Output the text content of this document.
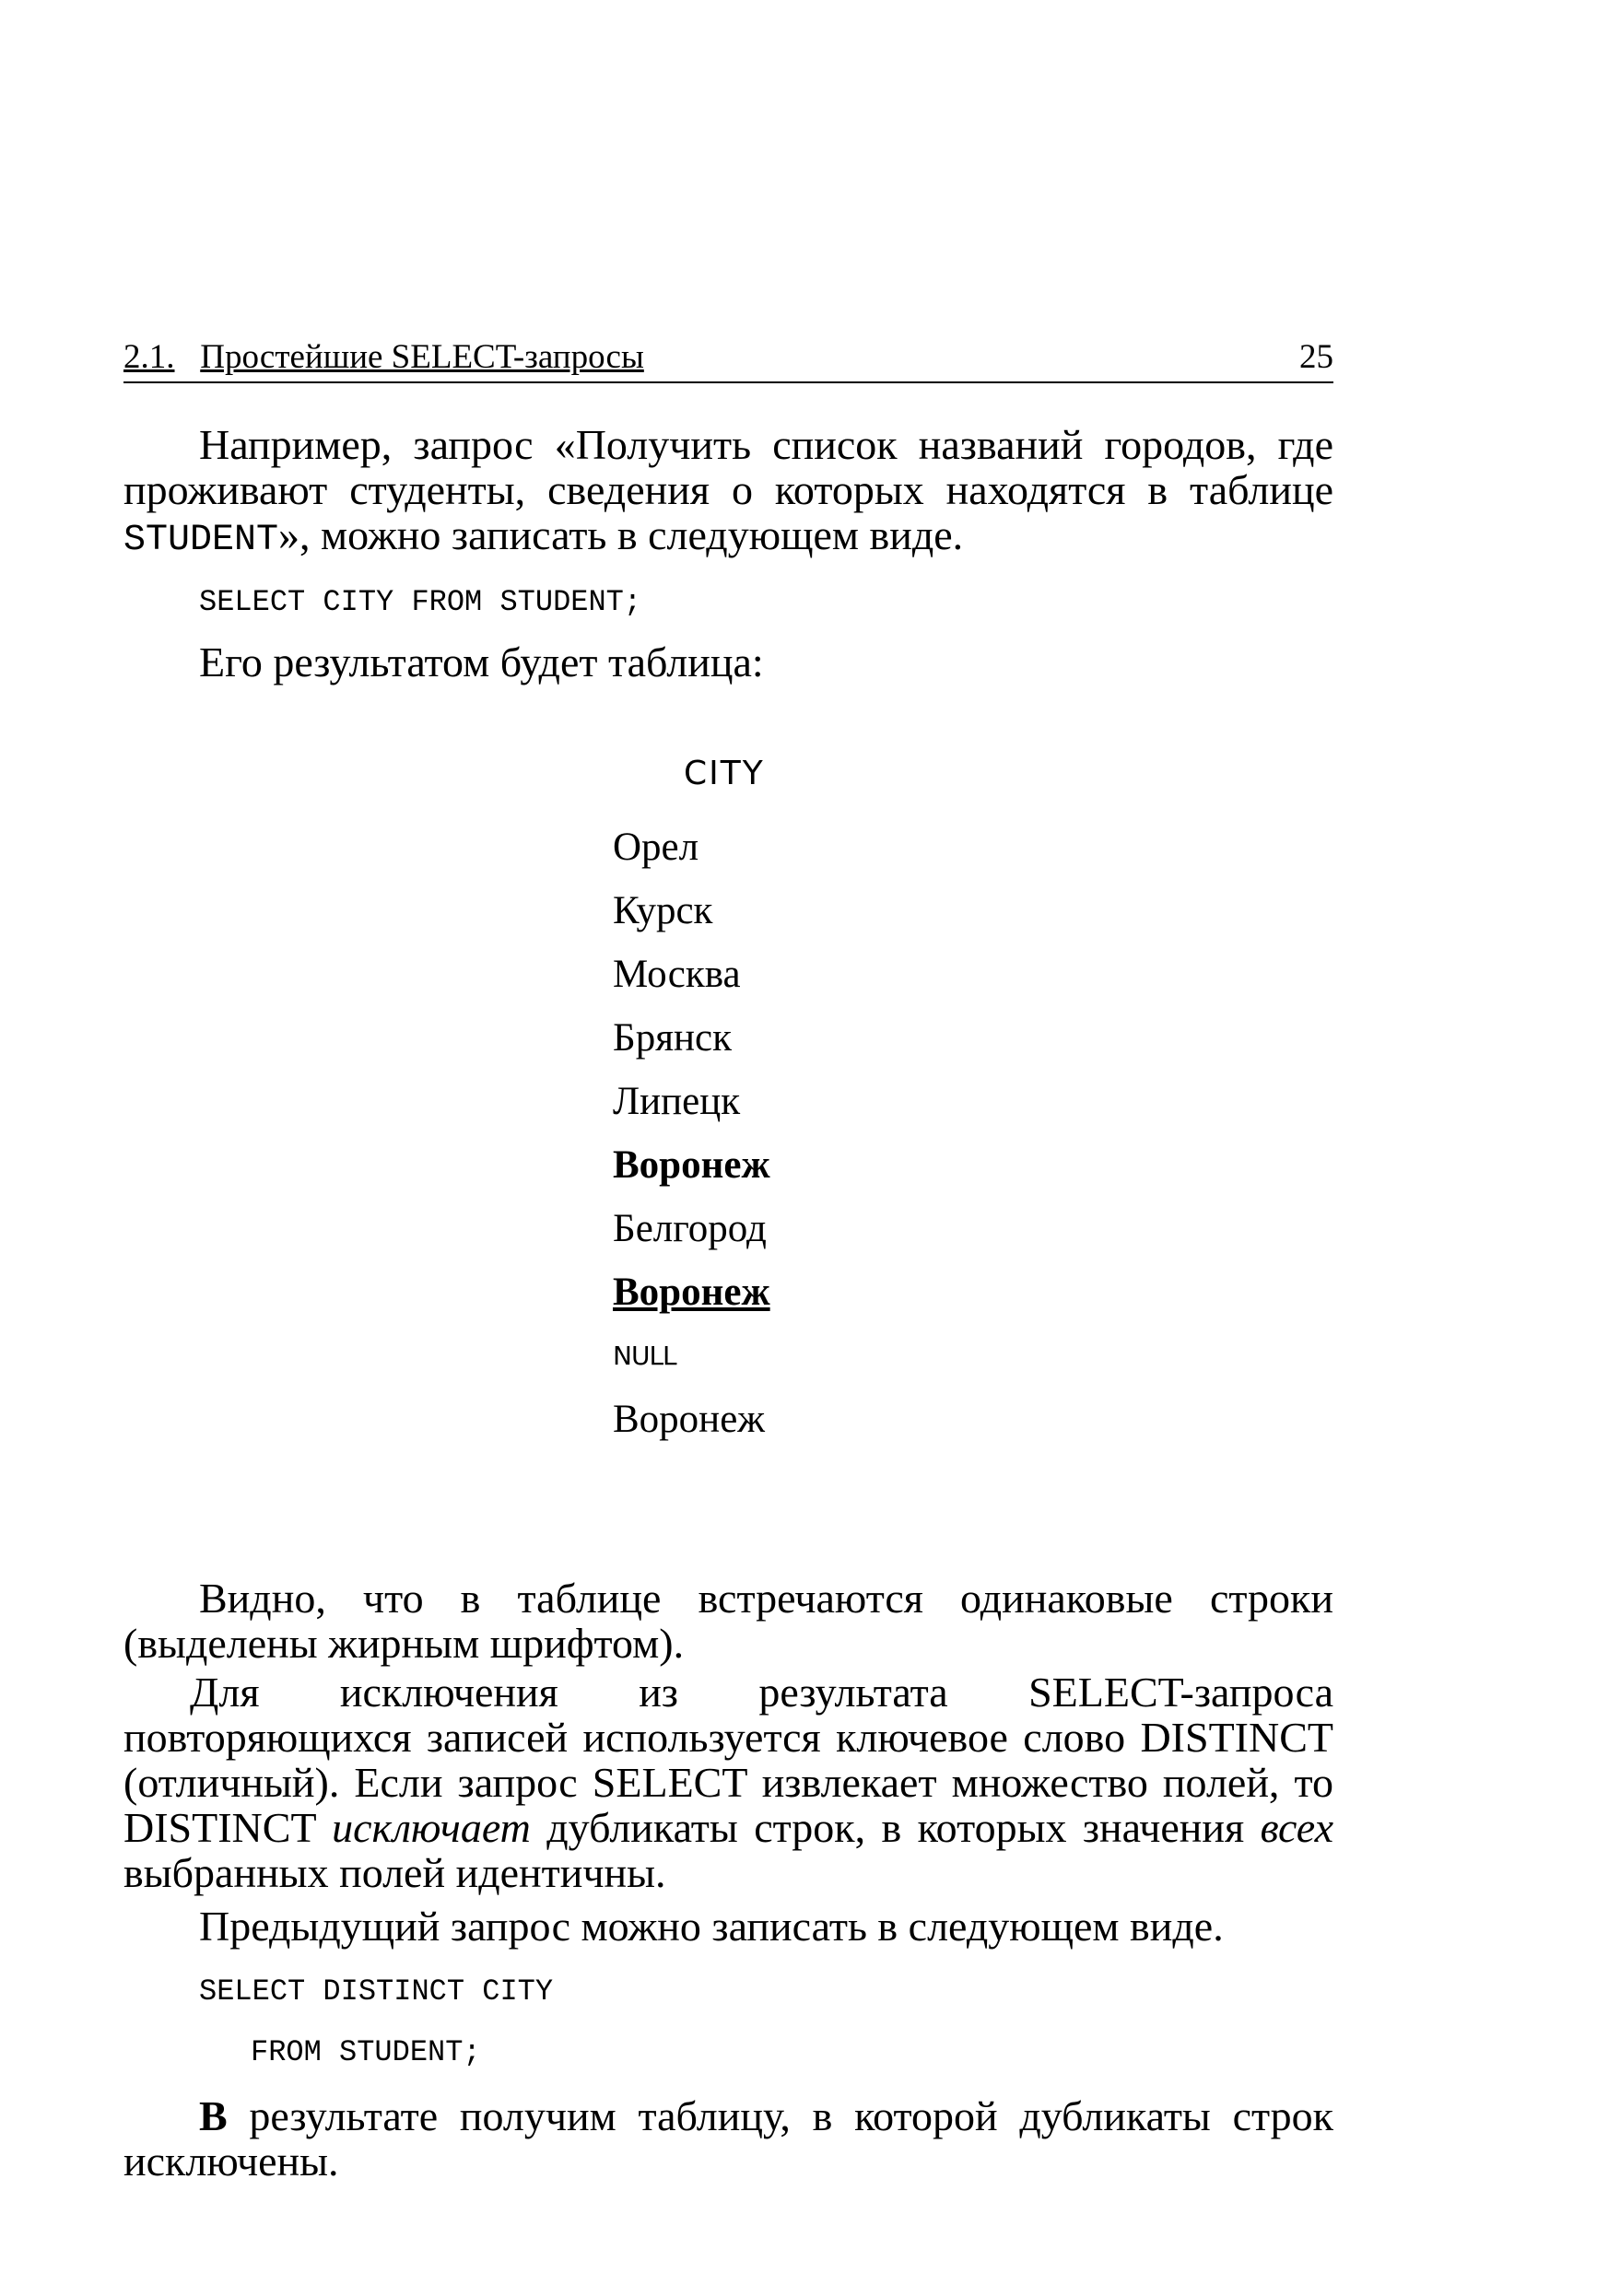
2.1. Простейшие SELECT-запросы	25

Например, запрос «Получить список названий городов, где проживают студенты, сведения о которых находятся в таблице STUDENT», можно записать в следующем виде.

SELECT CITY FROM STUDENT;

Его результатом будет таблица:

CITY
Орел
Курск
Москва
Брянск
Липецк
Воронеж
Белгород
Воронеж
NULL
Воронеж

Видно, что в таблице встречаются одинаковые строки (выделены жирным шрифтом).

Для исключения из результата SELECT-запроса повторяющихся записей используется ключевое слово DISTINCT (отличный). Если запрос SELECT извлекает множество полей, то DISTINCT исключает дубликаты строк, в которых значения всех выбранных полей идентичны.

Предыдущий запрос можно записать в следующем виде.

SELECT DISTINCT CITY
FROM STUDENT;

В результате получим таблицу, в которой дубликаты строк исключены.
